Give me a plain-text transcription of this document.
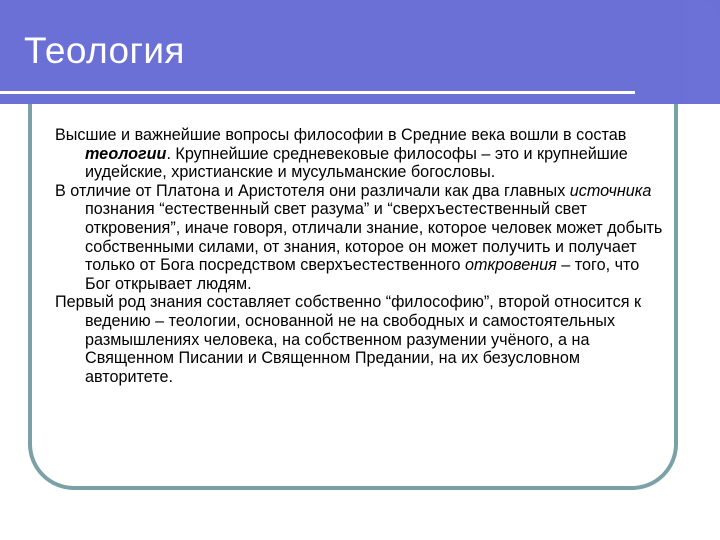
Теология

Высшие и важнейшие вопросы философии в Средние века вошли в состав теологии. Крупнейшие средневековые философы – это и крупнейшие иудейские, христианские и мусульманские богословы.

В отличие от Платона и Аристотеля они различали как два главных источника познания “естественный свет разума” и “сверхъестественный свет откровения”, иначе говоря, отличали знание, которое человек может добыть собственными силами, от знания, которое он может получить и получает только от Бога посредством сверхъестественного откровения – того, что Бог открывает людям.

Первый род знания составляет собственно “философию”, второй относится к ведению – теологии, основанной не на свободных и самостоятельных размышлениях человека, на собственном разумении учёного, а на Священном Писании и Священном Предании, на их безусловном авторитете.
